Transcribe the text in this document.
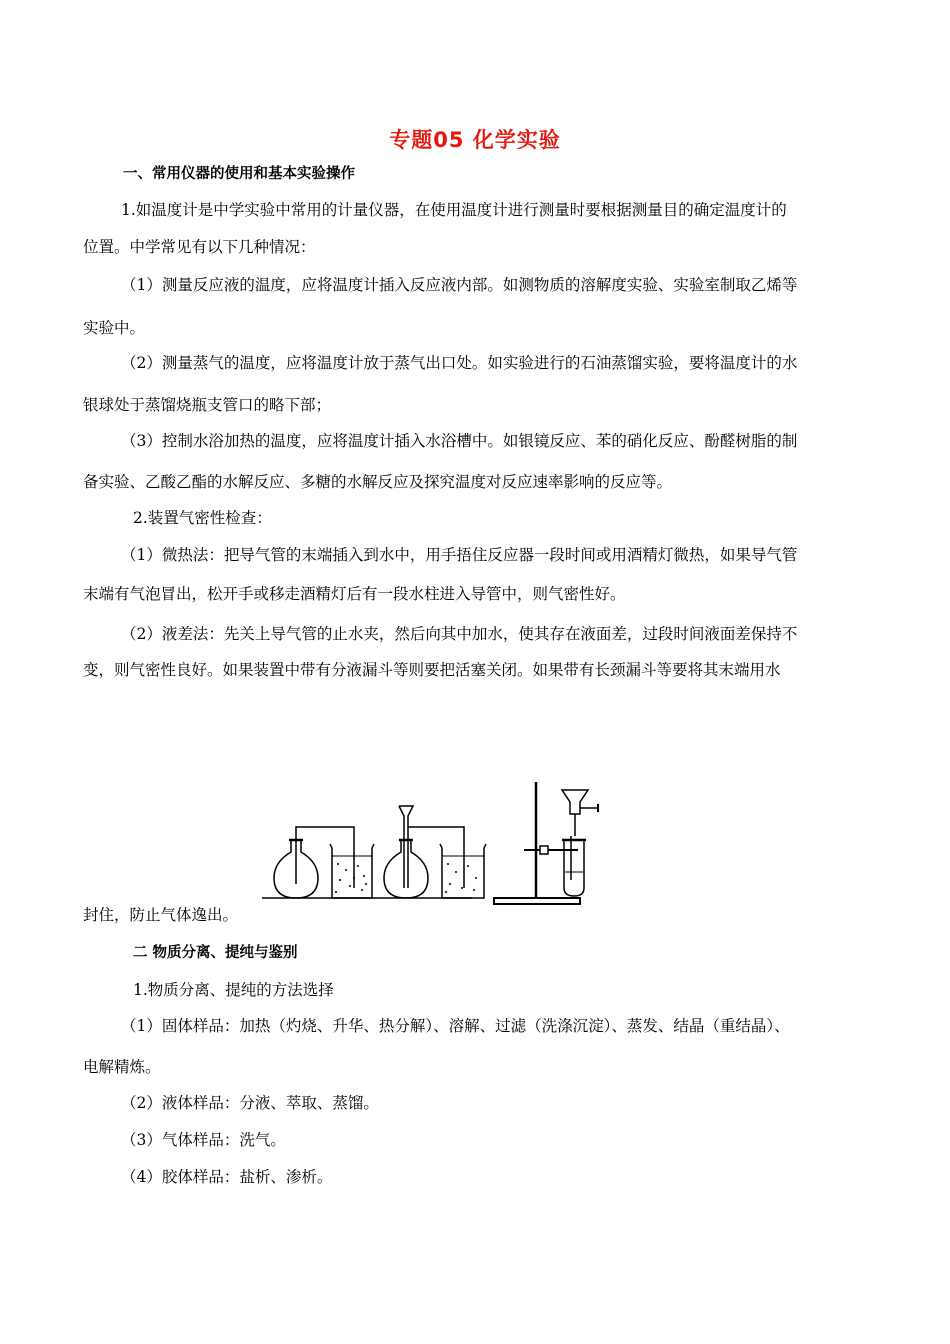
专题05 化学实验
一、常用仪器的使用和基本实验操作
1.如温度计是中学实验中常用的计量仪器，在使用温度计进行测量时要根据测量目的确定温度计的
位置。中学常见有以下几种情况：
（1）测量反应液的温度，应将温度计插入反应液内部。如测物质的溶解度实验、实验室制取乙烯等
实验中。
（2）测量蒸气的温度，应将温度计放于蒸气出口处。如实验进行的石油蒸馏实验，要将温度计的水
银球处于蒸馏烧瓶支管口的略下部；
（3）控制水浴加热的温度，应将温度计插入水浴槽中。如银镜反应、苯的硝化反应、酚醛树脂的制
备实验、乙酸乙酯的水解反应、多糖的水解反应及探究温度对反应速率影响的反应等。
2.装置气密性检查：
（1）微热法：把导气管的末端插入到水中，用手捂住反应器一段时间或用酒精灯微热，如果导气管
末端有气泡冒出，松开手或移走酒精灯后有一段水柱进入导管中，则气密性好。
（2）液差法：先关上导气管的止水夹，然后向其中加水，使其存在液面差，过段时间液面差保持不
变，则气密性良好。如果装置中带有分液漏斗等则要把活塞关闭。如果带有长颈漏斗等要将其末端用水
封住，防止气体逸出。
二 物质分离、提纯与鉴别
1.物质分离、提纯的方法选择
（1）固体样品：加热（灼烧、升华、热分解）、溶解、过滤（洗涤沉淀）、蒸发、结晶（重结晶）、
电解精炼。
（2）液体样品：分液、萃取、蒸馏。
（3）气体样品：洗气。
（4）胶体样品：盐析、渗析。
